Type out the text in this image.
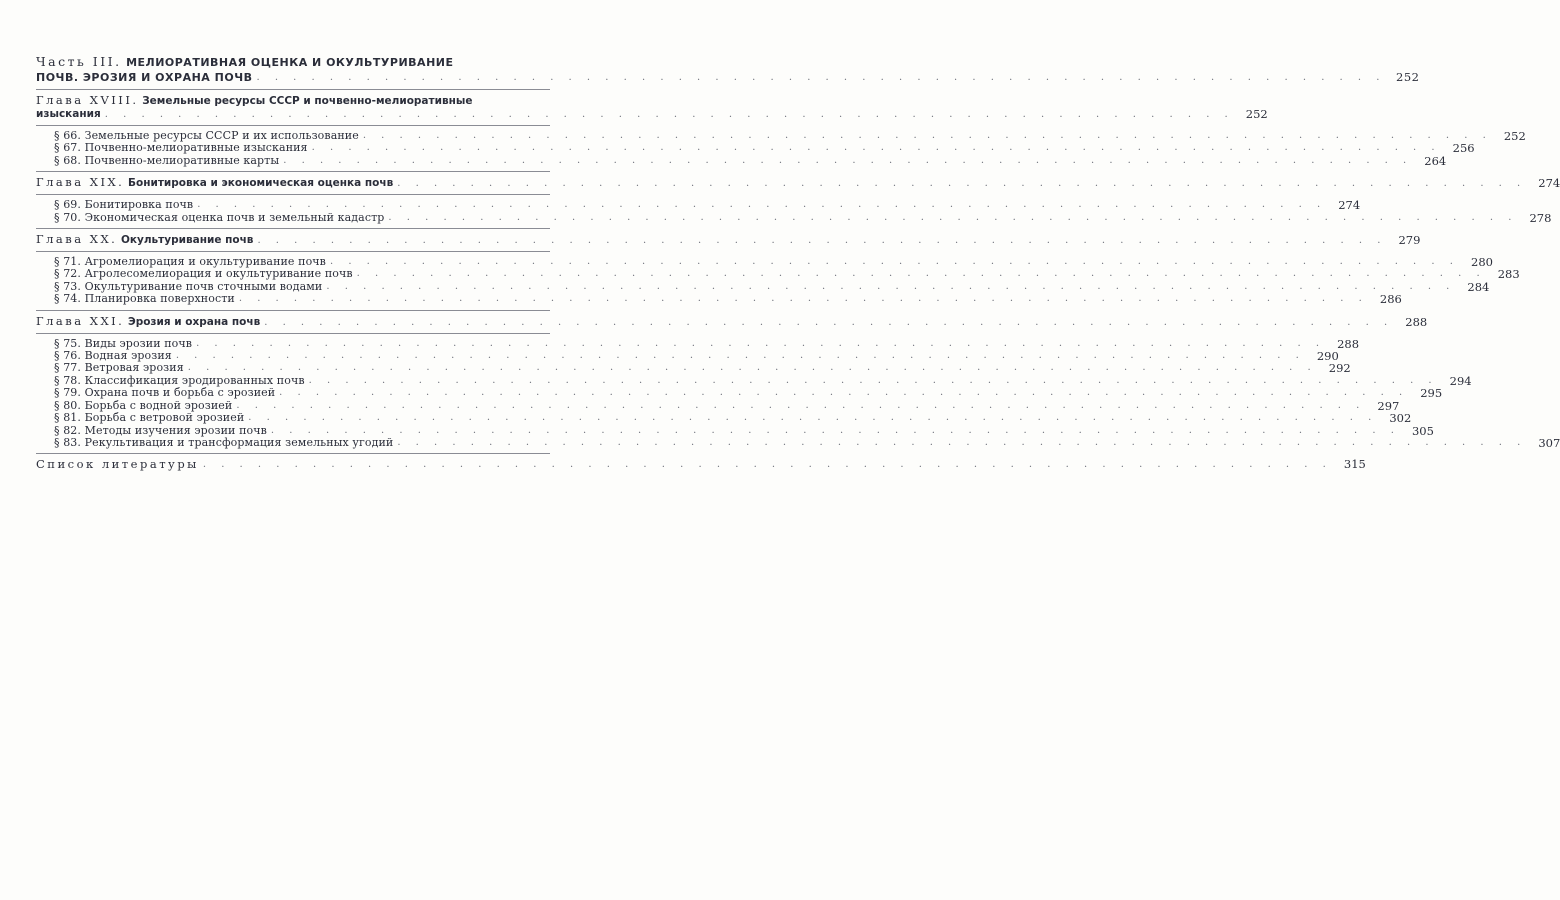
Часть III. МЕЛИОРАТИВНАЯ ОЦЕНКА И ОКУЛЬТУРИВАНИЕ
ПОЧВ. ЭРОЗИЯ И ОХРАНА ПОЧВ . . . . . . . . . . . . . . . . . . . . . . . . . . . . . . . . . . . . . . . . . . . . . . . . . . . . . . . . . . . . . . 252
Глава XVIII. Земельные ресурсы СССР и почвенно-мелиоративные
изыскания . . . . . . . . . . . . . . . . . . . . . . . . . . . . . . . . . . . . . . . . . . . . . . . . . . . . . . . . . . . . . .	252
§ 66. Земельные ресурсы СССР и их использование . . . . . . . . . . . . . . . . . . . . . . . . . . . . . . . . . . . . . . . . . . . . . . . . . . . . . . . . . . . . . .	252
§ 67. Почвенно-мелиоративные изыскания . . . . . . . . . . . . . . . . . . . . . . . . . . . . . . . . . . . . . . . . . . . . . . . . . . . . . . . . . . . . . .	256
§ 68. Почвенно-мелиоративные карты . . . . . . . . . . . . . . . . . . . . . . . . . . . . . . . . . . . . . . . . . . . . . . . . . . . . . . . . . . . . . .	264
Глава XIX. Бонитировка и экономическая оценка почв . . . . . . . . . . . . . . . . . . . . . . . . . . . . . . . . . . . . . . . . . . . . . . . . . . . . . . . . . . . . . .	274
§ 69. Бонитировка почв . . . . . . . . . . . . . . . . . . . . . . . . . . . . . . . . . . . . . . . . . . . . . . . . . . . . . . . . . . . . . .	274
§ 70. Экономическая оценка почв и земельный кадастр . . . . . . . . . . . . . . . . . . . . . . . . . . . . . . . . . . . . . . . . . . . . . . . . . . . . . . . . . . . . . .	278
Глава XX. Окультуривание почв . . . . . . . . . . . . . . . . . . . . . . . . . . . . . . . . . . . . . . . . . . . . . . . . . . . . . . . . . . . . . .	279
§ 71. Агромелиорация и окультуривание почв . . . . . . . . . . . . . . . . . . . . . . . . . . . . . . . . . . . . . . . . . . . . . . . . . . . . . . . . . . . . . .	280
§ 72. Агролесомелиорация и окультуривание почв . . . . . . . . . . . . . . . . . . . . . . . . . . . . . . . . . . . . . . . . . . . . . . . . . . . . . . . . . . . . . .	283
§ 73. Окультуривание почв сточными водами . . . . . . . . . . . . . . . . . . . . . . . . . . . . . . . . . . . . . . . . . . . . . . . . . . . . . . . . . . . . . .	284
§ 74. Планировка поверхности . . . . . . . . . . . . . . . . . . . . . . . . . . . . . . . . . . . . . . . . . . . . . . . . . . . . . . . . . . . . . .	286
Глава XXI. Эрозия и охрана почв . . . . . . . . . . . . . . . . . . . . . . . . . . . . . . . . . . . . . . . . . . . . . . . . . . . . . . . . . . . . . .	288
§ 75. Виды эрозии почв . . . . . . . . . . . . . . . . . . . . . . . . . . . . . . . . . . . . . . . . . . . . . . . . . . . . . . . . . . . . . .	288
§ 76. Водная эрозия . . . . . . . . . . . . . . . . . . . . . . . . . . . . . . . . . . . . . . . . . . . . . . . . . . . . . . . . . . . . . .	290
§ 77. Ветровая эрозия . . . . . . . . . . . . . . . . . . . . . . . . . . . . . . . . . . . . . . . . . . . . . . . . . . . . . . . . . . . . . .	292
§ 78. Классификация эродированных почв . . . . . . . . . . . . . . . . . . . . . . . . . . . . . . . . . . . . . . . . . . . . . . . . . . . . . . . . . . . . . .	294
§ 79. Охрана почв и борьба с эрозией . . . . . . . . . . . . . . . . . . . . . . . . . . . . . . . . . . . . . . . . . . . . . . . . . . . . . . . . . . . . . .	295
§ 80. Борьба с водной эрозией . . . . . . . . . . . . . . . . . . . . . . . . . . . . . . . . . . . . . . . . . . . . . . . . . . . . . . . . . . . . . .	297
§ 81. Борьба с ветровой эрозией . . . . . . . . . . . . . . . . . . . . . . . . . . . . . . . . . . . . . . . . . . . . . . . . . . . . . . . . . . . . . .	302
§ 82. Методы изучения эрозии почв . . . . . . . . . . . . . . . . . . . . . . . . . . . . . . . . . . . . . . . . . . . . . . . . . . . . . . . . . . . . . .	305
§ 83. Рекультивация и трансформация земельных угодий . . . . . . . . . . . . . . . . . . . . . . . . . . . . . . . . . . . . . . . . . . . . . . . . . . . . . . . . . . . . . .	307
Список литературы . . . . . . . . . . . . . . . . . . . . . . . . . . . . . . . . . . . . . . . . . . . . . . . . . . . . . . . . . . . . . .	315
